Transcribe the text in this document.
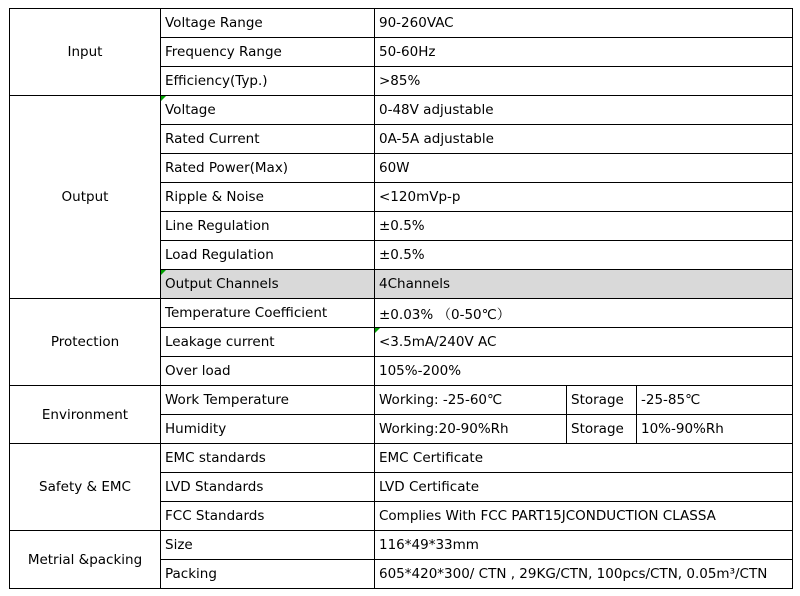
Input	Voltage Range	90-260VAC		
	Frequency Range	50-60Hz		
	Efficiency(Typ.)	>85%		
Output	Voltage	0-48V adjustable		
	Rated Current	0A-5A adjustable		
	Rated Power(Max)	60W		
	Ripple & Noise	<120mVp-p		
	Line Regulation	±0.5%		
	Load Regulation	±0.5%		
	Output Channels	4Channels		
Protection	Temperature Coefficient	±0.03% （0-50℃）		
	Leakage current	<3.5mA/240V AC		
	Over load	105%-200%		
Environment	Work Temperature	Working: -25-60℃	Storage	-25-85℃
	Humidity	Working:20-90%Rh	Storage	10%-90%Rh
Safety & EMC	EMC standards	EMC Certificate		
	LVD Standards	LVD Certificate		
	FCC Standards	Complies With FCC PART15JCONDUCTION CLASSA		
Metrial &packing	Size	116*49*33mm		
	Packing	605*420*300/ CTN , 29KG/CTN, 100pcs/CTN, 0.05m³/CTN		
